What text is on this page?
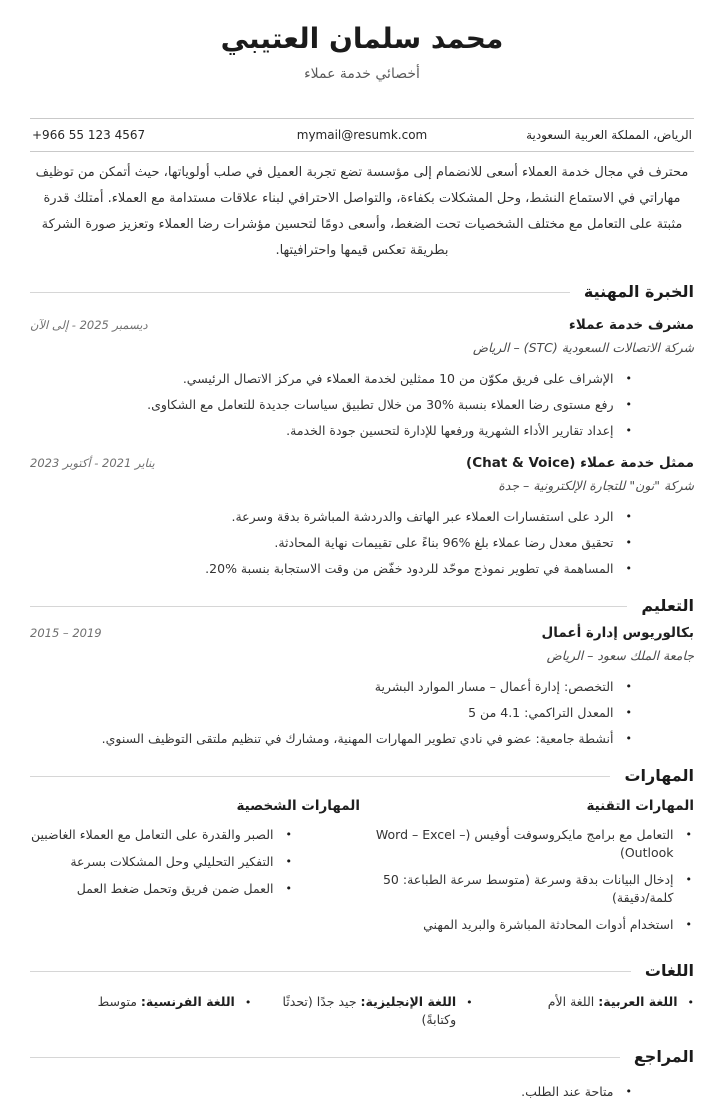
محمد سلمان العتيبي
أخصائي خدمة عملاء
الرياض، المملكة العربية السعودية
mymail@resumk.com
+966 55 123 4567

محترف في مجال خدمة العملاء أسعى للانضمام إلى مؤسسة تضع تجربة العميل في صلب أولوياتها، حيث أتمكن من توظيف مهاراتي في الاستماع النشط، وحل المشكلات بكفاءة، والتواصل الاحترافي لبناء علاقات مستدامة مع العملاء. أمتلك قدرة مثبتة على التعامل مع مختلف الشخصيات تحت الضغط، وأسعى دومًا لتحسين مؤشرات رضا العملاء وتعزيز صورة الشركة بطريقة تعكس قيمها واحترافيتها.

الخبرة المهنية
مشرف خدمة عملاء
ديسمبر 2025 - إلى الآن
شركة الاتصالات السعودية (STC) – الرياض
•
الإشراف على فريق مكوّن من 10 ممثلين لخدمة العملاء في مركز الاتصال الرئيسي.
•
رفع مستوى رضا العملاء بنسبة %30 من خلال تطبيق سياسات جديدة للتعامل مع الشكاوى.
•
إعداد تقارير الأداء الشهرية ورفعها للإدارة لتحسين جودة الخدمة.
ممثل خدمة عملاء (Chat & Voice)
يناير 2021 - أكتوبر 2023
شركة "نون" للتجارة الإلكترونية – جدة
•
الرد على استفسارات العملاء عبر الهاتف والدردشة المباشرة بدقة وسرعة.
•
تحقيق معدل رضا عملاء بلغ %96 بناءً على تقييمات نهاية المحادثة.
•
المساهمة في تطوير نموذج موحّد للردود خفّض من وقت الاستجابة بنسبة %20.
التعليم
بكالوريوس إدارة أعمال
2015 – 2019
جامعة الملك سعود – الرياض
•
التخصص: إدارة أعمال – مسار الموارد البشرية
•
المعدل التراكمي: 4.1 من 5
•
أنشطة جامعية: عضو في نادي تطوير المهارات المهنية، ومشارك في تنظيم ملتقى التوظيف السنوي.
المهارات
المهارات التقنية
•
التعامل مع برامج مايكروسوفت أوفيس (Word – Excel – Outlook)
•
إدخال البيانات بدقة وسرعة (متوسط سرعة الطباعة: 50 كلمة/دقيقة)
•
استخدام أدوات المحادثة المباشرة والبريد المهني
المهارات الشخصية
•
الصبر والقدرة على التعامل مع العملاء الغاضبين
•
التفكير التحليلي وحل المشكلات بسرعة
•
العمل ضمن فريق وتحمل ضغط العمل
اللغات
•
اللغة العربية:اللغة الأم
•
اللغة الإنجليزية:جيد جدًا (تحدثًا وكتابةً)
•
اللغة الفرنسية:متوسط
المراجع
•
متاحة عند الطلب.
